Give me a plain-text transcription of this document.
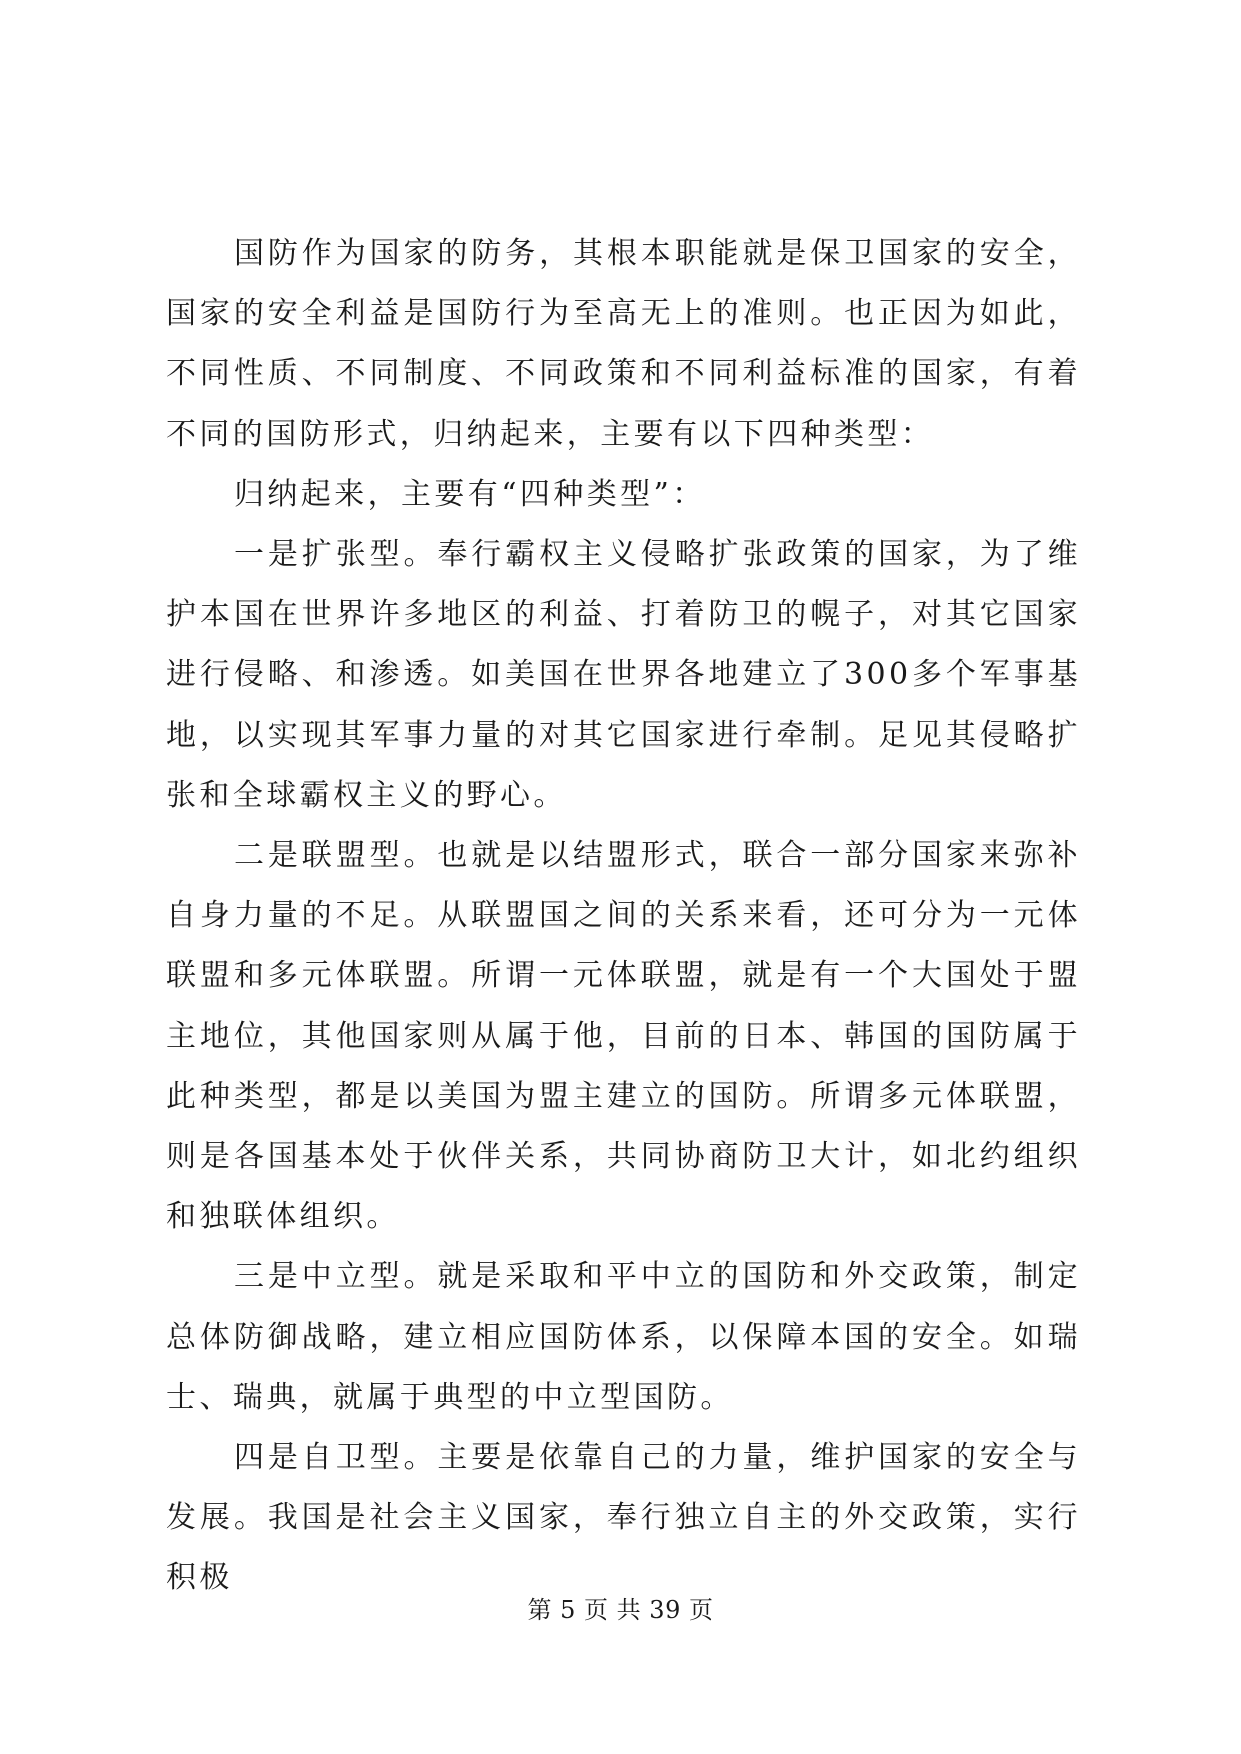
国防作为国家的防务，其根本职能就是保卫国家的安全，国家的安全利益是国防行为至高无上的准则。也正因为如此，不同性质、不同制度、不同政策和不同利益标准的国家，有着不同的国防形式，归纳起来，主要有以下四种类型：

归纳起来，主要有“四种类型”：

一是扩张型。奉行霸权主义侵略扩张政策的国家，为了维护本国在世界许多地区的利益、打着防卫的幌子，对其它国家进行侵略、和渗透。如美国在世界各地建立了300多个军事基地，以实现其军事力量的对其它国家进行牵制。足见其侵略扩张和全球霸权主义的野心。

二是联盟型。也就是以结盟形式，联合一部分国家来弥补自身力量的不足。从联盟国之间的关系来看，还可分为一元体联盟和多元体联盟。所谓一元体联盟，就是有一个大国处于盟主地位，其他国家则从属于他，目前的日本、韩国的国防属于此种类型，都是以美国为盟主建立的国防。所谓多元体联盟，则是各国基本处于伙伴关系，共同协商防卫大计，如北约组织和独联体组织。

三是中立型。就是采取和平中立的国防和外交政策，制定总体防御战略，建立相应国防体系，以保障本国的安全。如瑞士、瑞典，就属于典型的中立型国防。

四是自卫型。主要是依靠自己的力量，维护国家的安全与发展。我国是社会主义国家，奉行独立自主的外交政策，实行积极

第 5 页 共 39 页
